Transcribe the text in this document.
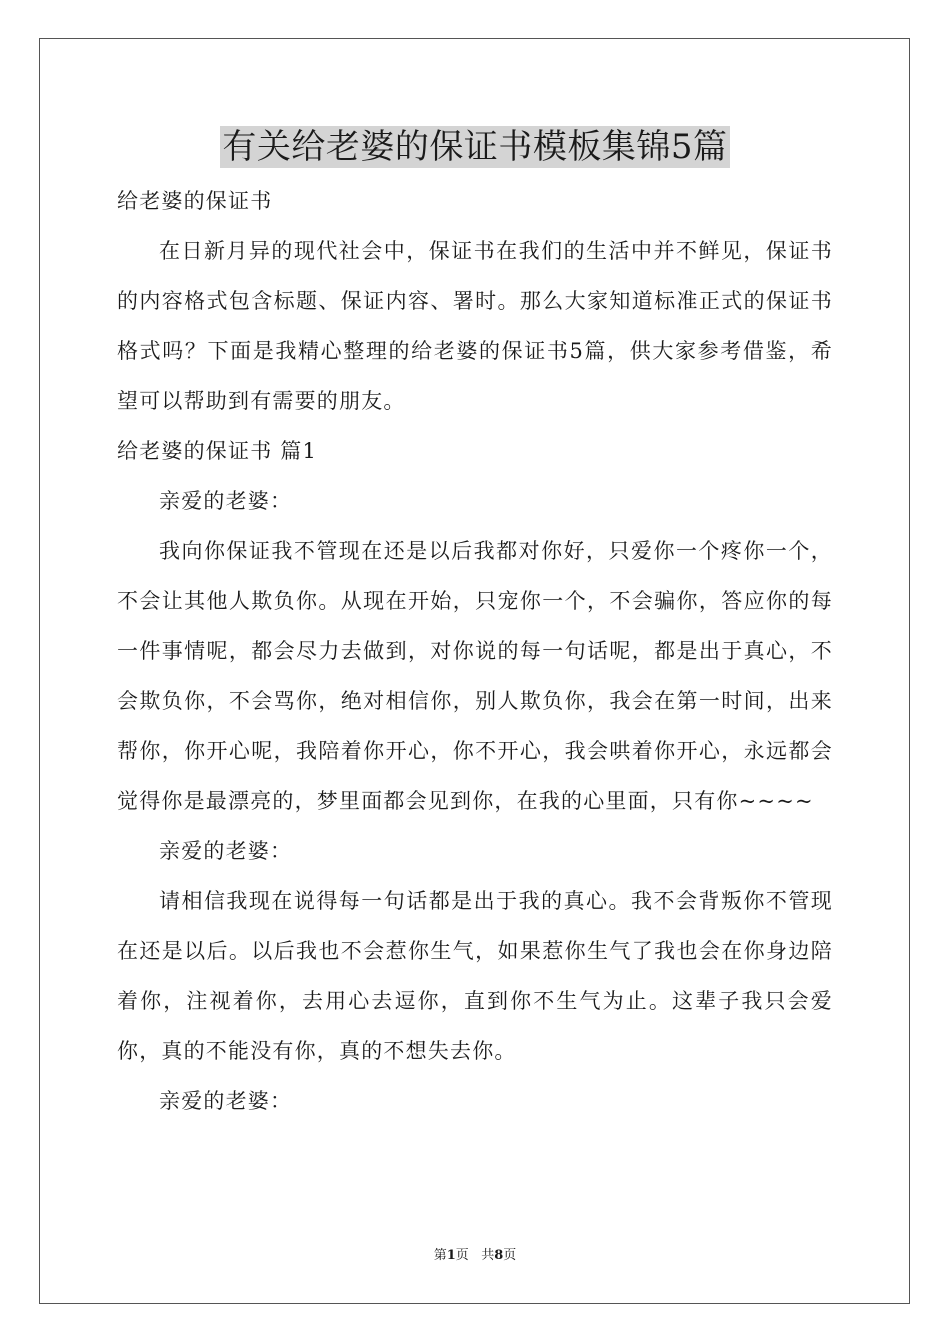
有关给老婆的保证书模板集锦5篇

给老婆的保证书

在日新月异的现代社会中，保证书在我们的生活中并不鲜见，保证书的内容格式包含标题、保证内容、署时。那么大家知道标准正式的保证书格式吗？下面是我精心整理的给老婆的保证书5篇，供大家参考借鉴，希望可以帮助到有需要的朋友。

给老婆的保证书 篇1

亲爱的老婆：

我向你保证我不管现在还是以后我都对你好，只爱你一个疼你一个，不会让其他人欺负你。从现在开始，只宠你一个，不会骗你，答应你的每一件事情呢，都会尽力去做到，对你说的每一句话呢，都是出于真心，不会欺负你，不会骂你，绝对相信你，别人欺负你，我会在第一时间，出来帮你，你开心呢，我陪着你开心，你不开心，我会哄着你开心，永远都会觉得你是最漂亮的，梦里面都会见到你，在我的心里面，只有你~~~~

亲爱的老婆：

请相信我现在说得每一句话都是出于我的真心。我不会背叛你不管现在还是以后。以后我也不会惹你生气，如果惹你生气了我也会在你身边陪着你，注视着你，去用心去逗你，直到你不生气为止。这辈子我只会爱你，真的不能没有你，真的不想失去你。

亲爱的老婆：

第1页 共8页
